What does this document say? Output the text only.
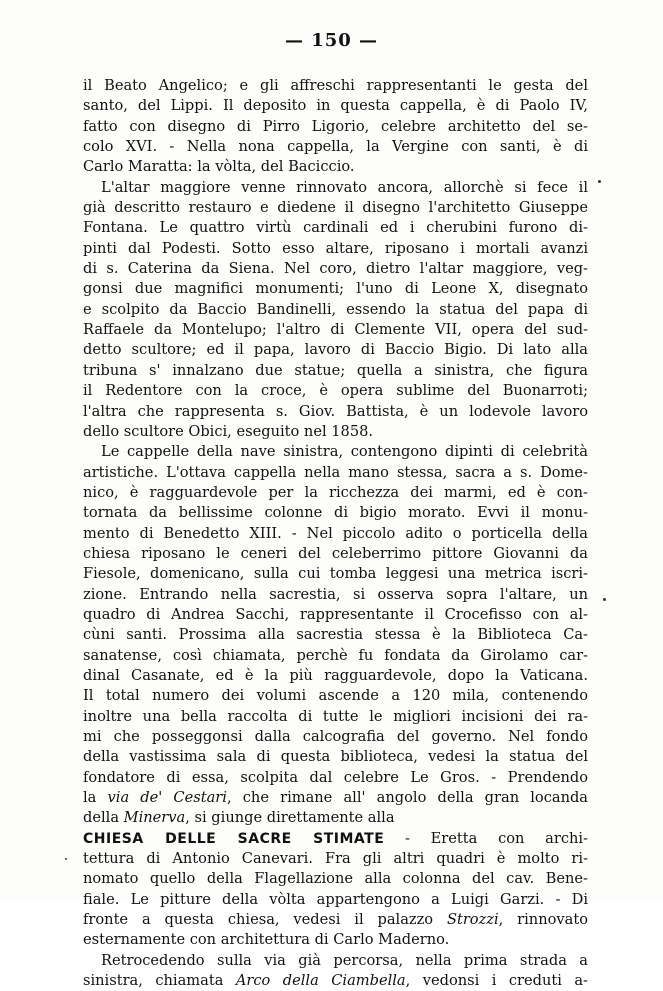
— 150 —
il Beato Angelico; e gli affreschi rappresentanti le gesta del
santo, del Lippi. Il deposito in questa cappella, è di Paolo IV,
fatto con disegno di Pirro Ligorio, celebre architetto del se-
colo XVI. - Nella nona cappella, la Vergine con santi, è di
Carlo Maratta: la vòlta, del Baciccio.
L'altar maggiore venne rinnovato ancora, allorchè si fece il
già descritto restauro e diedene il disegno l'architetto Giuseppe
Fontana. Le quattro virtù cardinali ed i cherubini furono di-
pinti dal Podesti. Sotto esso altare, riposano i mortali avanzi
di s. Caterina da Siena. Nel coro, dietro l'altar maggiore, veg-
gonsi due magnifici monumenti; l'uno di Leone X, disegnato
e scolpito da Baccio Bandinelli, essendo la statua del papa di
Raffaele da Montelupo; l'altro di Clemente VII, opera del sud-
detto scultore; ed il papa, lavoro di Baccio Bigio. Di lato alla
tribuna s' innalzano due statue; quella a sinistra, che figura
il Redentore con la croce, è opera sublime del Buonarroti;
l'altra che rappresenta s. Giov. Battista, è un lodevole lavoro
dello scultore Obici, eseguito nel 1858.
Le cappelle della nave sinistra, contengono dipinti di celebrità
artistiche. L'ottava cappella nella mano stessa, sacra a s. Dome-
nico, è ragguardevole per la ricchezza dei marmi, ed è con-
tornata da bellissime colonne di bigio morato. Evvi il monu-
mento di Benedetto XIII. - Nel piccolo adito o porticella della
chiesa riposano le ceneri del celeberrimo pittore Giovanni da
Fiesole, domenicano, sulla cui tomba leggesi una metrica iscri-
zione. Entrando nella sacrestia, si osserva sopra l'altare, un
quadro di Andrea Sacchi, rappresentante il Crocefisso con al-
cùni santi. Prossima alla sacrestia stessa è la Biblioteca Ca-
sanatense, così chiamata, perchè fu fondata da Girolamo car-
dinal Casanate, ed è la più ragguardevole, dopo la Vaticana.
Il total numero dei volumi ascende a 120 mila, contenendo
inoltre una bella raccolta di tutte le migliori incisioni dei ra-
mi che posseggonsi dalla calcografia del governo. Nel fondo
della vastissima sala di questa biblioteca, vedesi la statua del
fondatore di essa, scolpita dal celebre Le Gros. - Prendendo
la via de' Cestari, che rimane all' angolo della gran locanda
della Minerva, si giunge direttamente alla
CHIESA DELLE SACRE STIMATE - Eretta con archi-
tettura di Antonio Canevari. Fra gli altri quadri è molto ri-
nomato quello della Flagellazione alla colonna del cav. Bene-
fiale. Le pitture della vòlta appartengono a Luigi Garzi. - Di
fronte a questa chiesa, vedesi il palazzo Strozzi, rinnovato
esternamente con architettura di Carlo Maderno.
Retrocedendo sulla via già percorsa, nella prima strada a
sinistra, chiamata Arco della Ciambella, vedonsi i creduti a-
